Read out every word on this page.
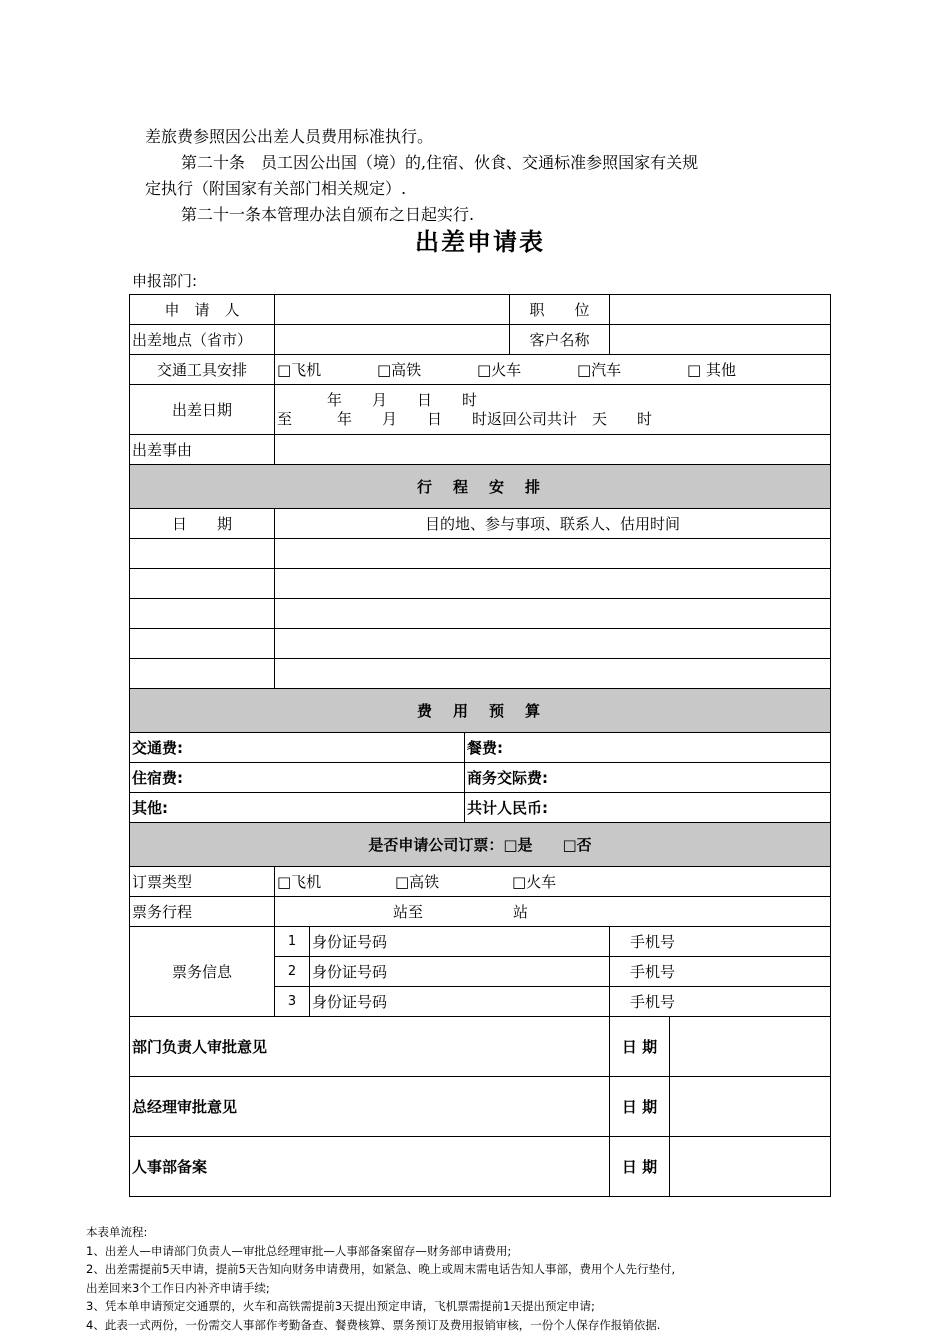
差旅费参照因公出差人员费用标准执行。

第二十条　员工因公出国（境）的,住宿、伙食、交通标准参照国家有关规

定执行（附国家有关部门相关规定）.

第二十一条本管理办法自颁布之日起实行.

出差申请表
申报部门:
申　请　人				职　　位		
出差地点（省市）				客户名称		
交通工具安排	□飞机 □高铁 □火车 □汽车 □ 其他					
出差日期	年　　月　　日　　时
至　　　年　　月　　日　　时返回公司共计　天　　时					

出差事由						
行　程　安　排						
日　　期	目的地、参与事项、联系人、估用时间					

费　用　预　算						
交通费:			餐费:			
住宿费:			商务交际费:			
其他:			共计人民币:			
是否申请公司订票：□是　　□否						
订票类型	□飞机 □高铁 □火车					
票务行程	站至　　　　　　站					
票务信息	1	身份证号码			手机号	
	2	身份证号码			手机号	
	3	身份证号码			手机号	
部门负责人审批意见					日 期	
总经理审批意见					日 期	
人事部备案					日 期	

本表单流程:

1、出差人—申请部门负责人—审批总经理审批—人事部备案留存—财务部申请费用;

2、出差需提前5天申请，提前5天告知向财务申请费用，如紧急、晚上或周末需电话告知人事部，费用个人先行垫付,

出差回来3个工作日内补齐申请手续;

3、凭本单申请预定交通票的，火车和高铁需提前3天提出预定申请，飞机票需提前1天提出预定申请;

4、此表一式两份，一份需交人事部作考勤备查、餐费核算、票务预订及费用报销审核，一份个人保存作报销依据.
